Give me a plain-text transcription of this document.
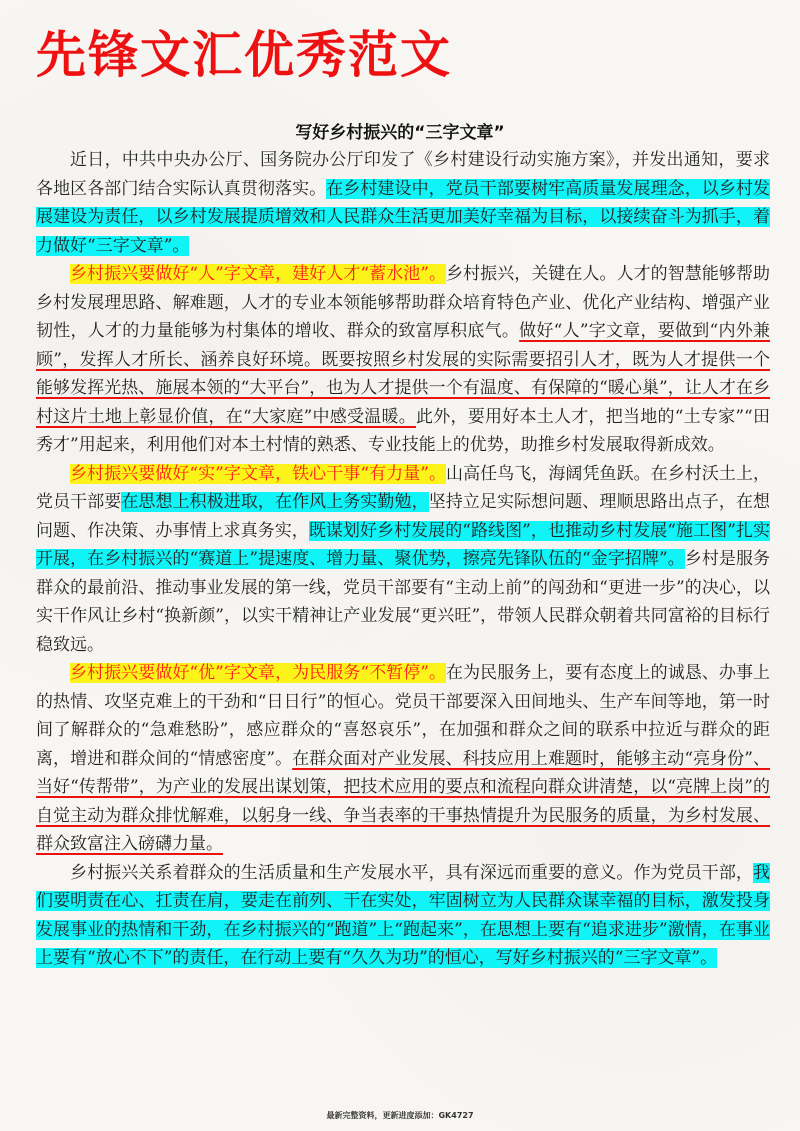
先锋文汇优秀范文
写好乡村振兴的“三字文章”

近日，中共中央办公厅、国务院办公厅印发了《乡村建设行动实施方案》，并发出通知，要求各地区各部门结合实际认真贯彻落实。在乡村建设中，党员干部要树牢高质量发展理念，以乡村发展建设为责任，以乡村发展提质增效和人民群众生活更加美好幸福为目标，以接续奋斗为抓手，着力做好“三字文章”。

乡村振兴要做好“人”字文章，建好人才“蓄水池”。乡村振兴，关键在人。人才的智慧能够帮助乡村发展理思路、解难题，人才的专业本领能够帮助群众培育特色产业、优化产业结构、增强产业韧性，人才的力量能够为村集体的增收、群众的致富厚积底气。做好“人”字文章，要做到“内外兼顾”，发挥人才所长、涵养良好环境。既要按照乡村发展的实际需要招引人才，既为人才提供一个能够发挥光热、施展本领的“大平台”，也为人才提供一个有温度、有保障的“暖心巢”，让人才在乡村这片土地上彰显价值，在“大家庭”中感受温暖。此外，要用好本土人才，把当地的“土专家”“田秀才”用起来，利用他们对本土村情的熟悉、专业技能上的优势，助推乡村发展取得新成效。

乡村振兴要做好“实”字文章，铁心干事“有力量”。山高任鸟飞，海阔凭鱼跃。在乡村沃土上，党员干部要在思想上积极进取，在作风上务实勤勉，坚持立足实际想问题、理顺思路出点子，在想问题、作决策、办事情上求真务实，既谋划好乡村发展的“路线图”，也推动乡村发展“施工图”扎实开展，在乡村振兴的“赛道上”提速度、增力量、聚优势，擦亮先锋队伍的“金字招牌”。乡村是服务群众的最前沿、推动事业发展的第一线，党员干部要有“主动上前”的闯劲和“更进一步”的决心，以实干作风让乡村“换新颜”，以实干精神让产业发展“更兴旺”，带领人民群众朝着共同富裕的目标行稳致远。

乡村振兴要做好“优”字文章，为民服务“不暂停”。在为民服务上，要有态度上的诚恳、办事上的热情、攻坚克难上的干劲和“日日行”的恒心。党员干部要深入田间地头、生产车间等地，第一时间了解群众的“急难愁盼”，感应群众的“喜怒哀乐”，在加强和群众之间的联系中拉近与群众的距离，增进和群众间的“情感密度”。在群众面对产业发展、科技应用上难题时，能够主动“亮身份”、当好“传帮带”，为产业的发展出谋划策，把技术应用的要点和流程向群众讲清楚，以“亮牌上岗”的自觉主动为群众排忧解难，以躬身一线、争当表率的干事热情提升为民服务的质量，为乡村发展、群众致富注入磅礴力量。

乡村振兴关系着群众的生活质量和生产发展水平，具有深远而重要的意义。作为党员干部，我们要明责在心、扛责在肩，要走在前列、干在实处，牢固树立为人民群众谋幸福的目标，激发投身发展事业的热情和干劲，在乡村振兴的“跑道”上“跑起来”，在思想上要有“追求进步”激情，在事业上要有“放心不下”的责任，在行动上要有“久久为功”的恒心，写好乡村振兴的“三字文章”。

最新完整资料，更新进度添加：GK4727
